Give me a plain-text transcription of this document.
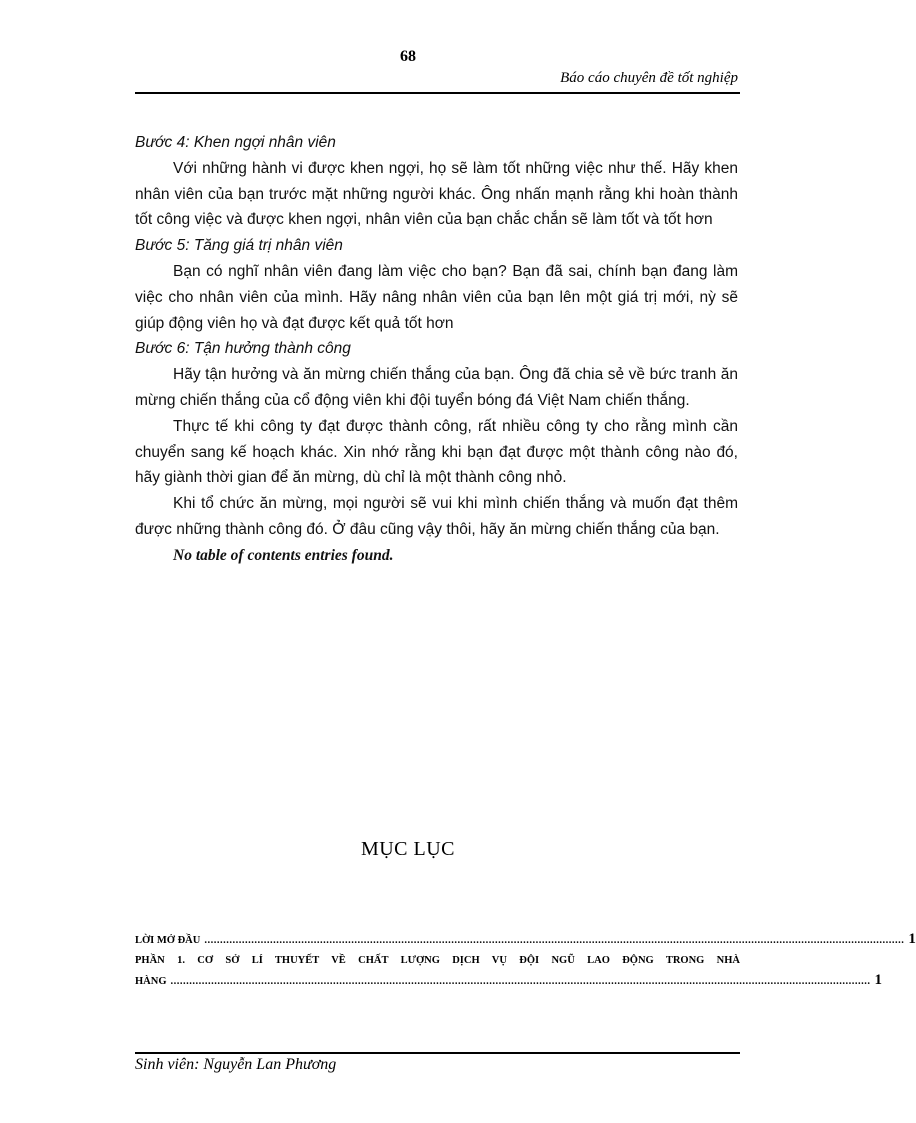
68
Báo cáo chuyên đề tốt nghiệp

Bước 4: Khen ngợi nhân viên

Với những hành vi được khen ngợi, họ sẽ làm tốt những việc như thế. Hãy khen nhân viên của bạn trước mặt những người khác. Ông nhấn mạnh rằng khi hoàn thành tốt công việc và được khen ngợi, nhân viên của bạn chắc chắn sẽ làm tốt và tốt hơn

Bước 5: Tăng giá trị nhân viên

Bạn có nghĩ nhân viên đang làm việc cho bạn? Bạn đã sai, chính bạn đang làm việc cho nhân viên của mình. Hãy nâng nhân viên của bạn lên một giá trị mới, nỳ sẽ giúp động viên họ và đạt được kết quả tốt hơn

Bước 6: Tận hưởng thành công

Hãy tận hưởng và ăn mừng chiến thắng của bạn. Ông đã chia sẻ về bức tranh ăn mừng chiến thắng của cổ động viên khi đội tuyển bóng đá Việt Nam chiến thắng.

Thực tế khi công ty đạt được thành công, rất nhiều công ty cho rằng mình cần chuyển sang kế hoạch khác. Xin nhớ rằng khi bạn đạt được một thành công nào đó, hãy giành thời gian để ăn mừng, dù chỉ là một thành công nhỏ.

Khi tổ chức ăn mừng, mọi người sẽ vui khi mình chiến thắng và muốn đạt thêm được những thành công đó. Ở đâu cũng vậy thôi, hãy ăn mừng chiến thắng của bạn.

No table of contents entries found.

MỤC LỤC
LỜI MỞ ĐẦU ................................................................................................................................................................................................................................ 1
PHẦN 1. CƠ SỞ LÍ THUYẾT VỀ CHẤT LƯỢNG DỊCH VỤ ĐỘI NGŨ LAO ĐỘNG TRONG NHÀ
HÀNG ................................................................................................................................................................................................................................ 1
Sinh viên: Nguyễn Lan Phương
